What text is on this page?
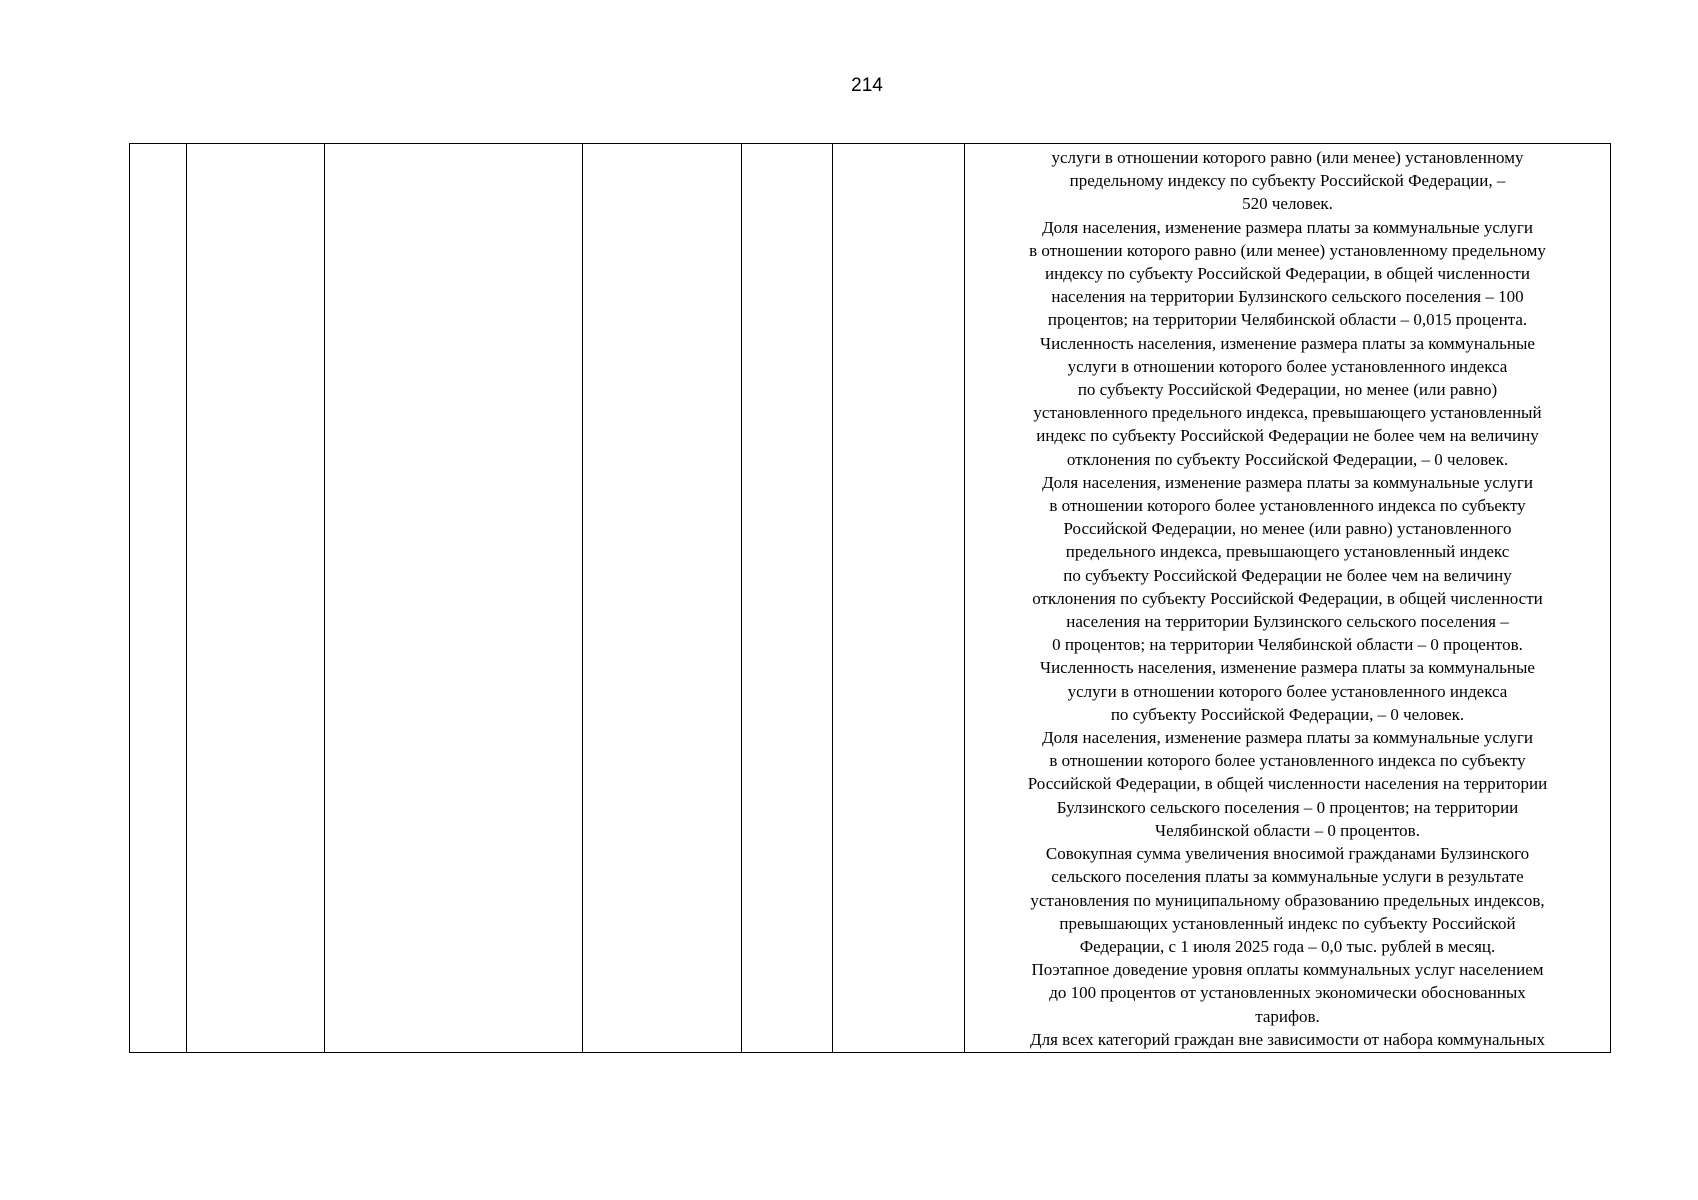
214

услуги в отношении которого равно (или менее) установленному
предельному индексу по субъекту Российской Федерации, –
520 человек.
Доля населения, изменение размера платы за коммунальные услуги
в отношении которого равно (или менее) установленному предельному
индексу по субъекту Российской Федерации, в общей численности
населения на территории Булзинского сельского поселения – 100
процентов; на территории Челябинской области – 0,015 процента.
Численность населения, изменение размера платы за коммунальные
услуги в отношении которого более установленного индекса
по субъекту Российской Федерации, но менее (или равно)
установленного предельного индекса, превышающего установленный
индекс по субъекту Российской Федерации не более чем на величину
отклонения по субъекту Российской Федерации, – 0 человек.
Доля населения, изменение размера платы за коммунальные услуги
в отношении которого более установленного индекса по субъекту
Российской Федерации, но менее (или равно) установленного
предельного индекса, превышающего установленный индекс
по субъекту Российской Федерации не более чем на величину
отклонения по субъекту Российской Федерации, в общей численности
населения на территории Булзинского сельского поселения –
0 процентов; на территории Челябинской области – 0 процентов.
Численность населения, изменение размера платы за коммунальные
услуги в отношении которого более установленного индекса
по субъекту Российской Федерации, – 0 человек.
Доля населения, изменение размера платы за коммунальные услуги
в отношении которого более установленного индекса по субъекту
Российской Федерации, в общей численности населения на территории
Булзинского сельского поселения – 0 процентов; на территории
Челябинской области – 0 процентов.
Совокупная сумма увеличения вносимой гражданами Булзинского
сельского поселения платы за коммунальные услуги в результате
установления по муниципальному образованию предельных индексов,
превышающих установленный индекс по субъекту Российской
Федерации, с 1 июля 2025 года – 0,0 тыс. рублей в месяц.
Поэтапное доведение уровня оплаты коммунальных услуг населением
до 100 процентов от установленных экономически обоснованных
тарифов.
Для всех категорий граждан вне зависимости от набора коммунальных
